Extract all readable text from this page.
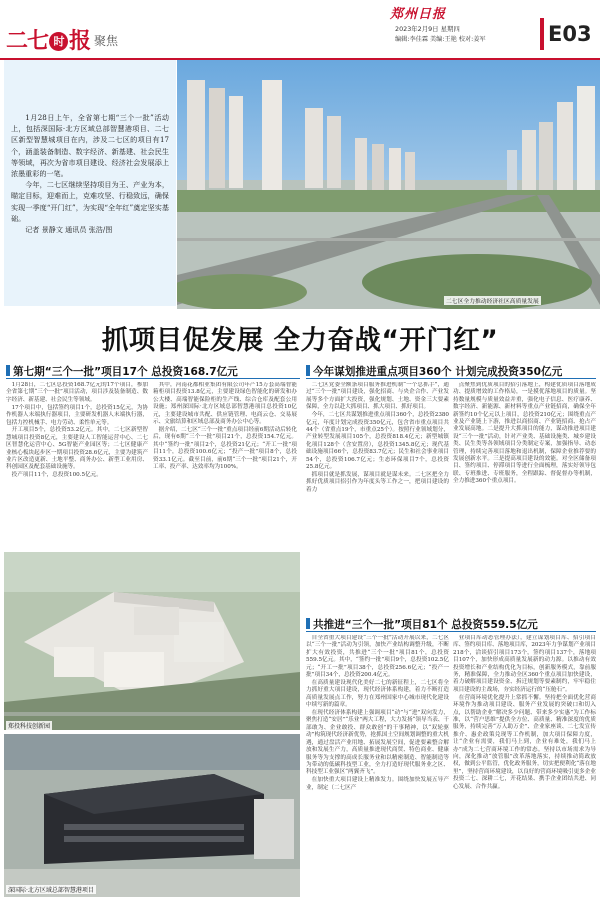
二七 时 报 聚焦
郑州日报
2023年2月9日 星期四
编辑:李佳霖 美编:王艳 校对:姜军	E03

1月28日上午，全省第七期“三个一批”活动上，包括深国际·北方区域总部智慧港项目、二七区新型智慧城项目在内，涉及二七区的项目有17个，涵盖装备制造、数字经济、新基建、社会民生等领域，再次为省市项目建设、经济社会发展添上浓墨重彩的一笔。

今年，二七区继续坚持项目为王、产业为本，瞄定目标，迎难而上，克难攻坚、行稳致远，确保实现一季度“开门红”，为实现“全年红”奠定坚实基础。

记者 景静文 通讯员 张浩/图

二七区全力推动经济社区高质量发展
抓项目促发展 全力奋战“开门红”
第七期“三个一批”项目17个 总投资168.7亿元

1月28日，二七区总投资168.7亿元的17个项目，参加全省第七期“三个一批”项目活动，项目涉及装备制造、数字经济、新基建、社会民生等领域。

17个项目中，包括签约项目1个，总投资15亿元，为协作机器人末端执行器项目，主要研发机器人末端执行器，包括力控机械手、电力劳动、柔性单元等。

开工项目5个，总投资53.2亿元。其中，二七区新型智慧城项目投资8亿元，主要建设人工智能运营中心、二七区智慧化运营中心、5G智能产业园区等；二七区健康产业核心板块起步区一期项目投资28.6亿元，主要为建筑产业片区改造更新、土地平整、商务办公、新型工业用房、科创园区及配套基础设施等。

投产项目11个，总投资100.5亿元。

其中，河南花都相业集团有限公司年产15万套高端智能箱柜项目投资13.8亿元，主要建设绿色智能化的研发和办公大楼、高端智能保险柜的生产线、综合仓库及配套公用设施；郑州深国际·北方区域总部智慧港项目总投资10亿元，主要建设城市共配、供应链管理、电商云仓、交易展示、文旅结算和区域总部及商务办公中心等。

据介绍，二七区“三个一批”重点项目经前6期活动后转化后，现有6期“三个一批”项目21个，总投资154.7亿元。其中“签约一批”项目2个，总投资21亿元；“开工一批”项目11个，总投资100.6亿元；“投产一批”项目8个，总投资33.1亿元。截至目前，前6期“三个一批”项目21个，开工率、投产率、达效率均为100%。

郑投科技创新园
深国际·北方区域总部智慧港项目
今年谋划推进重点项目360个 计划完成投资350亿元

二七区党委全额条项目服务推进机制“一个总抓手”，通过“三个一批”项目建设，强化招商、与央企合作、产业发展等多个方面扩大投资，强化规划、土地、资金三大要素保障，全力以赴大抓项目、抓大项目、抓好项目。

今年，二七区共谋划推进重点项目360个，总投资2380亿元，年度计划完成投资350亿元，包含省市重点项目共44个（省重点19个，市重点25个）。按照行业领域划分，产业转型发展项目105个，总投资818.4亿元；新型城镇化项目128个（含安置房），总投资1345.8亿元；现代基础设施项目66个，总投资83.7亿元；民生和社会事业项目54个，总投资106.7亿元；生态环保项目7个，总投资25.8亿元。

抓项目就是抓发展，谋项目就是谋未来。二七区把全力抓好优质项目招引作为年度头等工作之一，把项目建设的着力

点聚焦到优质项目的招引落地上，构建优质项目落地成功、提质增效的工作格局，一是摸优落地项目的质量。坚持数量规模与质量效益并重，强化电子信息、医疗康养、数字经济、新能源、新材料等重点产业链招商，确保全年新签约10个亿元以上项目，总投资210亿元；围绕重点产业及产业链上下游，推进以商招商、产业链招商、抢占产业发展高地。二是提升大抓项目的能力，谋动推进项目建设“三个一批”活动，针对产业类、基础设施类、城乡建设类、民生类等各领域项目分类制定专案，加强指导、动态管理，持续完善项目落地和退出机制，保障企业推荐要的发展创新水平。三是提高项目建设的效能。对全区储备项目、签约项目、停滞项目等进行全面梳理，落实好领导包联、专班推进、专班服务，全程跟踪、督促督办等机制，全力推进360个重点项目。

共推进“三个一批”项目81个 总投资559.5亿元

自全省重大项目建设“三个一批”活动开展以来，二七区以“三个一批”活动为引领，加快产业结构调整升级，不断扩大有效投资，共推进“三个一批”项目81个，总投资559.5亿元。其中，“签约一批”项目9个，总投资102.5亿元；“开工一批”项目38个，总投资256.6亿元；“投产一批”项目34个，总投资200.4亿元。

在高质量建设现代化美好二七的新征程上，二七区将全力抓好重大项目建设，现代经济体系构建，着力不断打造高质量发展点工作，努力在郑州国家中心城市现代化建设中续写新的篇章。

在现代经济体系构建上强调项目“动”与“进”双向发力，聚焦打造“安居”“乐业”两大工程，大力发扬“领导当表、干部敢为、企业敢投、群众敢创”的干事精神，以“双轮驱动”构筑现代经济新优势，抢抓国土空间规划调整的重大机遇，通过盘活产业用地、拓展发展空间，促进要素整合解放和发展生产力，高质量推进现代商贸、特色商业、健康服务等为支撑的高成长服务业和以精密制造、智能制造等为带动的低碳科技型工业，全力打造好现代服务业之区、科技型工业强区“两翼齐飞”。

在加快重大项目建设上精准发力。围绕加快发展五导产业，制定（二七区产

业项目库动态管理办法），建立谋划项目库、招引项目库、签约项目库、落地项目库，2023年力争谋划产业项目218个，洽谈招引项目173个，签约项目137个，落地项目107个，加快形成高质量发展新的动力源。以推动有效投资增长和产业结构优化为目标，创新服务模式，靠前服务，精准保障，全力推动全区360个重点项目加快建设，着力破解项目建设资金、拆迁规划等要素制约，牢牢稳住项目建设的主战场，夯实经济运行的“压舱石”。

在营商环境优化提升上常抓不懈。坚持把全面优化营商环境作为推动项目建设、服务产业发展的突破口和切入点，以帮助企业“解决多少问题、带来多少实惠”为工作标准，以“营户思维”提供全方位、高质量、精准深度的优质服务，持续完善“万人助万企”、企业家座谈、二七发宣传推介、惠企政策兑现等工作机制，加大项目保障力度，让“企业有需要，我们马上到，企业有难处，我们马上办”成为二七营商环境工作的常态。坚持以市场需求为导向，深化推动“放管服”改革落地落实，持续推动简政放权，做到公平监管，优化政务服务，切实把便利化“落在地里”，坚持营商环境建设，以良好的营商环境吸引更多企业投资二七、深耕二七，开花结果、携手企业团结共进、同心发展、合作共赢。
